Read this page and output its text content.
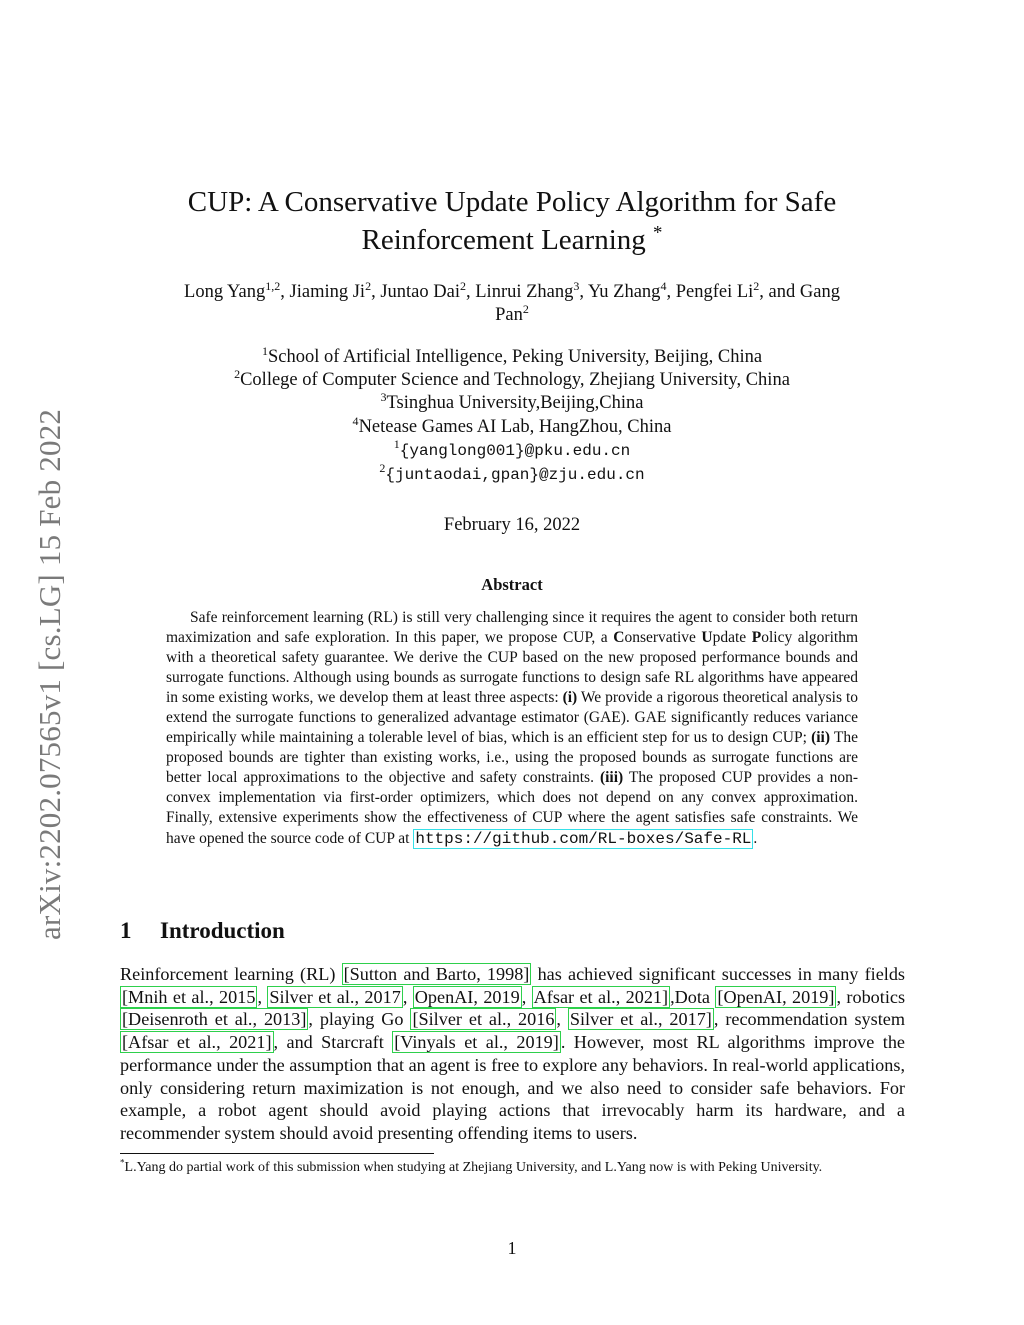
arXiv:2202.07565v1 [cs.LG] 15 Feb 2022
CUP: A Conservative Update Policy Algorithm for Safe
Reinforcement Learning *
Long Yang$^{1,2}$, Jiaming Ji$^2$, Juntao Dai$^2$, Linrui Zhang$^3$, Yu Zhang$^4$, Pengfei Li$^2$, and Gang
Pan$^2$
$^1$School of Artificial Intelligence, Peking University, Beijing, China
$^2$College of Computer Science and Technology, Zhejiang University, China
$^3$Tsinghua University,Beijing,China
$^4$Netease Games AI Lab, HangZhou, China
$^1${yanglong001}@pku.edu.cn
$^2${juntaodai,gpan}@zju.edu.cn
February 16, 2022
Abstract
Safe reinforcement learning (RL) is still very challenging since it requires the agent to consider both return maximization and safe exploration. In this paper, we propose CUP, a Conservative Update Policy algorithm with a theoretical safety guarantee. We derive the CUP based on the new proposed performance bounds and surrogate functions. Although using bounds as surrogate functions to design safe RL algorithms have appeared in some existing works, we develop them at least three aspects: (i) We provide a rigorous theoretical analysis to extend the surrogate functions to generalized advantage estimator (GAE). GAE significantly reduces variance empirically while maintaining a tolerable level of bias, which is an efficient step for us to design CUP; (ii) The proposed bounds are tighter than existing works, i.e., using the proposed bounds as surrogate functions are better local approximations to the objective and safety constraints. (iii) The proposed CUP provides a non-convex implementation via first-order optimizers, which does not depend on any convex approximation. Finally, extensive experiments show the effectiveness of CUP where the agent satisfies safe constraints. We have opened the source code of CUP at https://github.com/RL-boxes/Safe-RL .
1 Introduction
Reinforcement learning (RL) [Sutton and Barto, 1998] has achieved significant successes in many fields [Mnih et al., 2015 , Silver et al., 2017 , OpenAI, 2019 , Afsar et al., 2021] ,Dota [OpenAI, 2019] , robotics [Deisenroth et al., 2013] , playing Go [Silver et al., 2016 , Silver et al., 2017] , recommendation system [Afsar et al., 2021] , and Starcraft [Vinyals et al., 2019] . However, most RL algorithms improve the performance under the assumption that an agent is free to explore any behaviors. In real-world applications, only considering return maximization is not enough, and we also need to consider safe behaviors. For example, a robot agent should avoid playing actions that irrevocably harm its hardware, and a recommender system should avoid presenting offending items to users.
*L.Yang do partial work of this submission when studying at Zhejiang University, and L.Yang now is with Peking University.
1
